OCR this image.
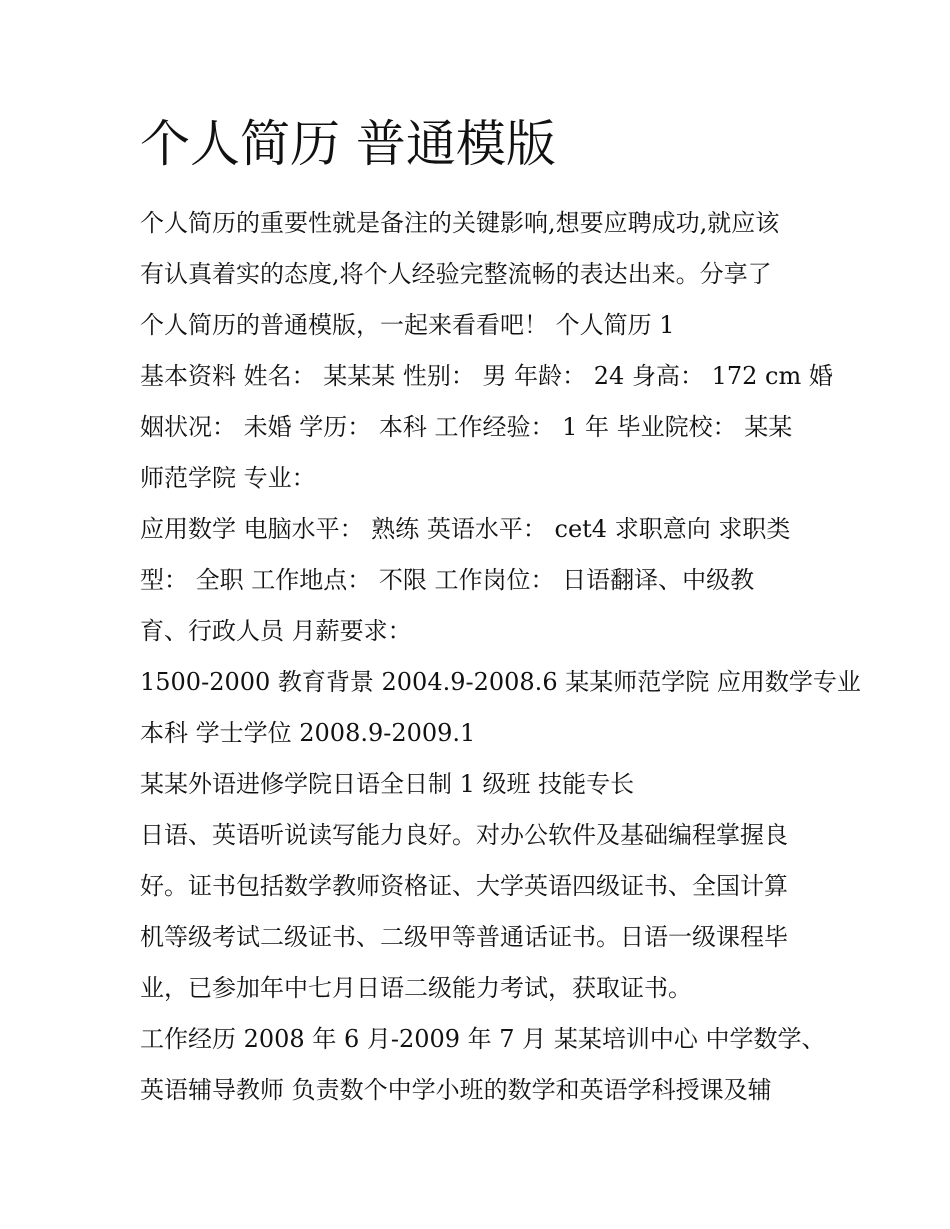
个人简历 普通模版

个人简历的重要性就是备注的关键影响,想要应聘成功,就应该

有认真着实的态度,将个人经验完整流畅的表达出来。分享了

个人简历的普通模版，一起来看看吧！ 个人简历 1

基本资料 姓名： 某某某 性别： 男 年龄： 24 身高： 172 cm 婚

姻状况： 未婚 学历： 本科 工作经验： 1 年 毕业院校： 某某

师范学院 专业：

应用数学 电脑水平： 熟练 英语水平： cet4 求职意向 求职类

型： 全职 工作地点： 不限 工作岗位： 日语翻译、中级教

育、行政人员 月薪要求：

1500-2000 教育背景 2004.9-2008.6 某某师范学院 应用数学专业

本科 学士学位 2008.9-2009.1

某某外语进修学院日语全日制 1 级班 技能专长

日语、英语听说读写能力良好。对办公软件及基础编程掌握良

好。证书包括数学教师资格证、大学英语四级证书、全国计算

机等级考试二级证书、二级甲等普通话证书。日语一级课程毕

业，已参加年中七月日语二级能力考试，获取证书。

工作经历 2008 年 6 月-2009 年 7 月 某某培训中心 中学数学、

英语辅导教师 负责数个中学小班的数学和英语学科授课及辅
